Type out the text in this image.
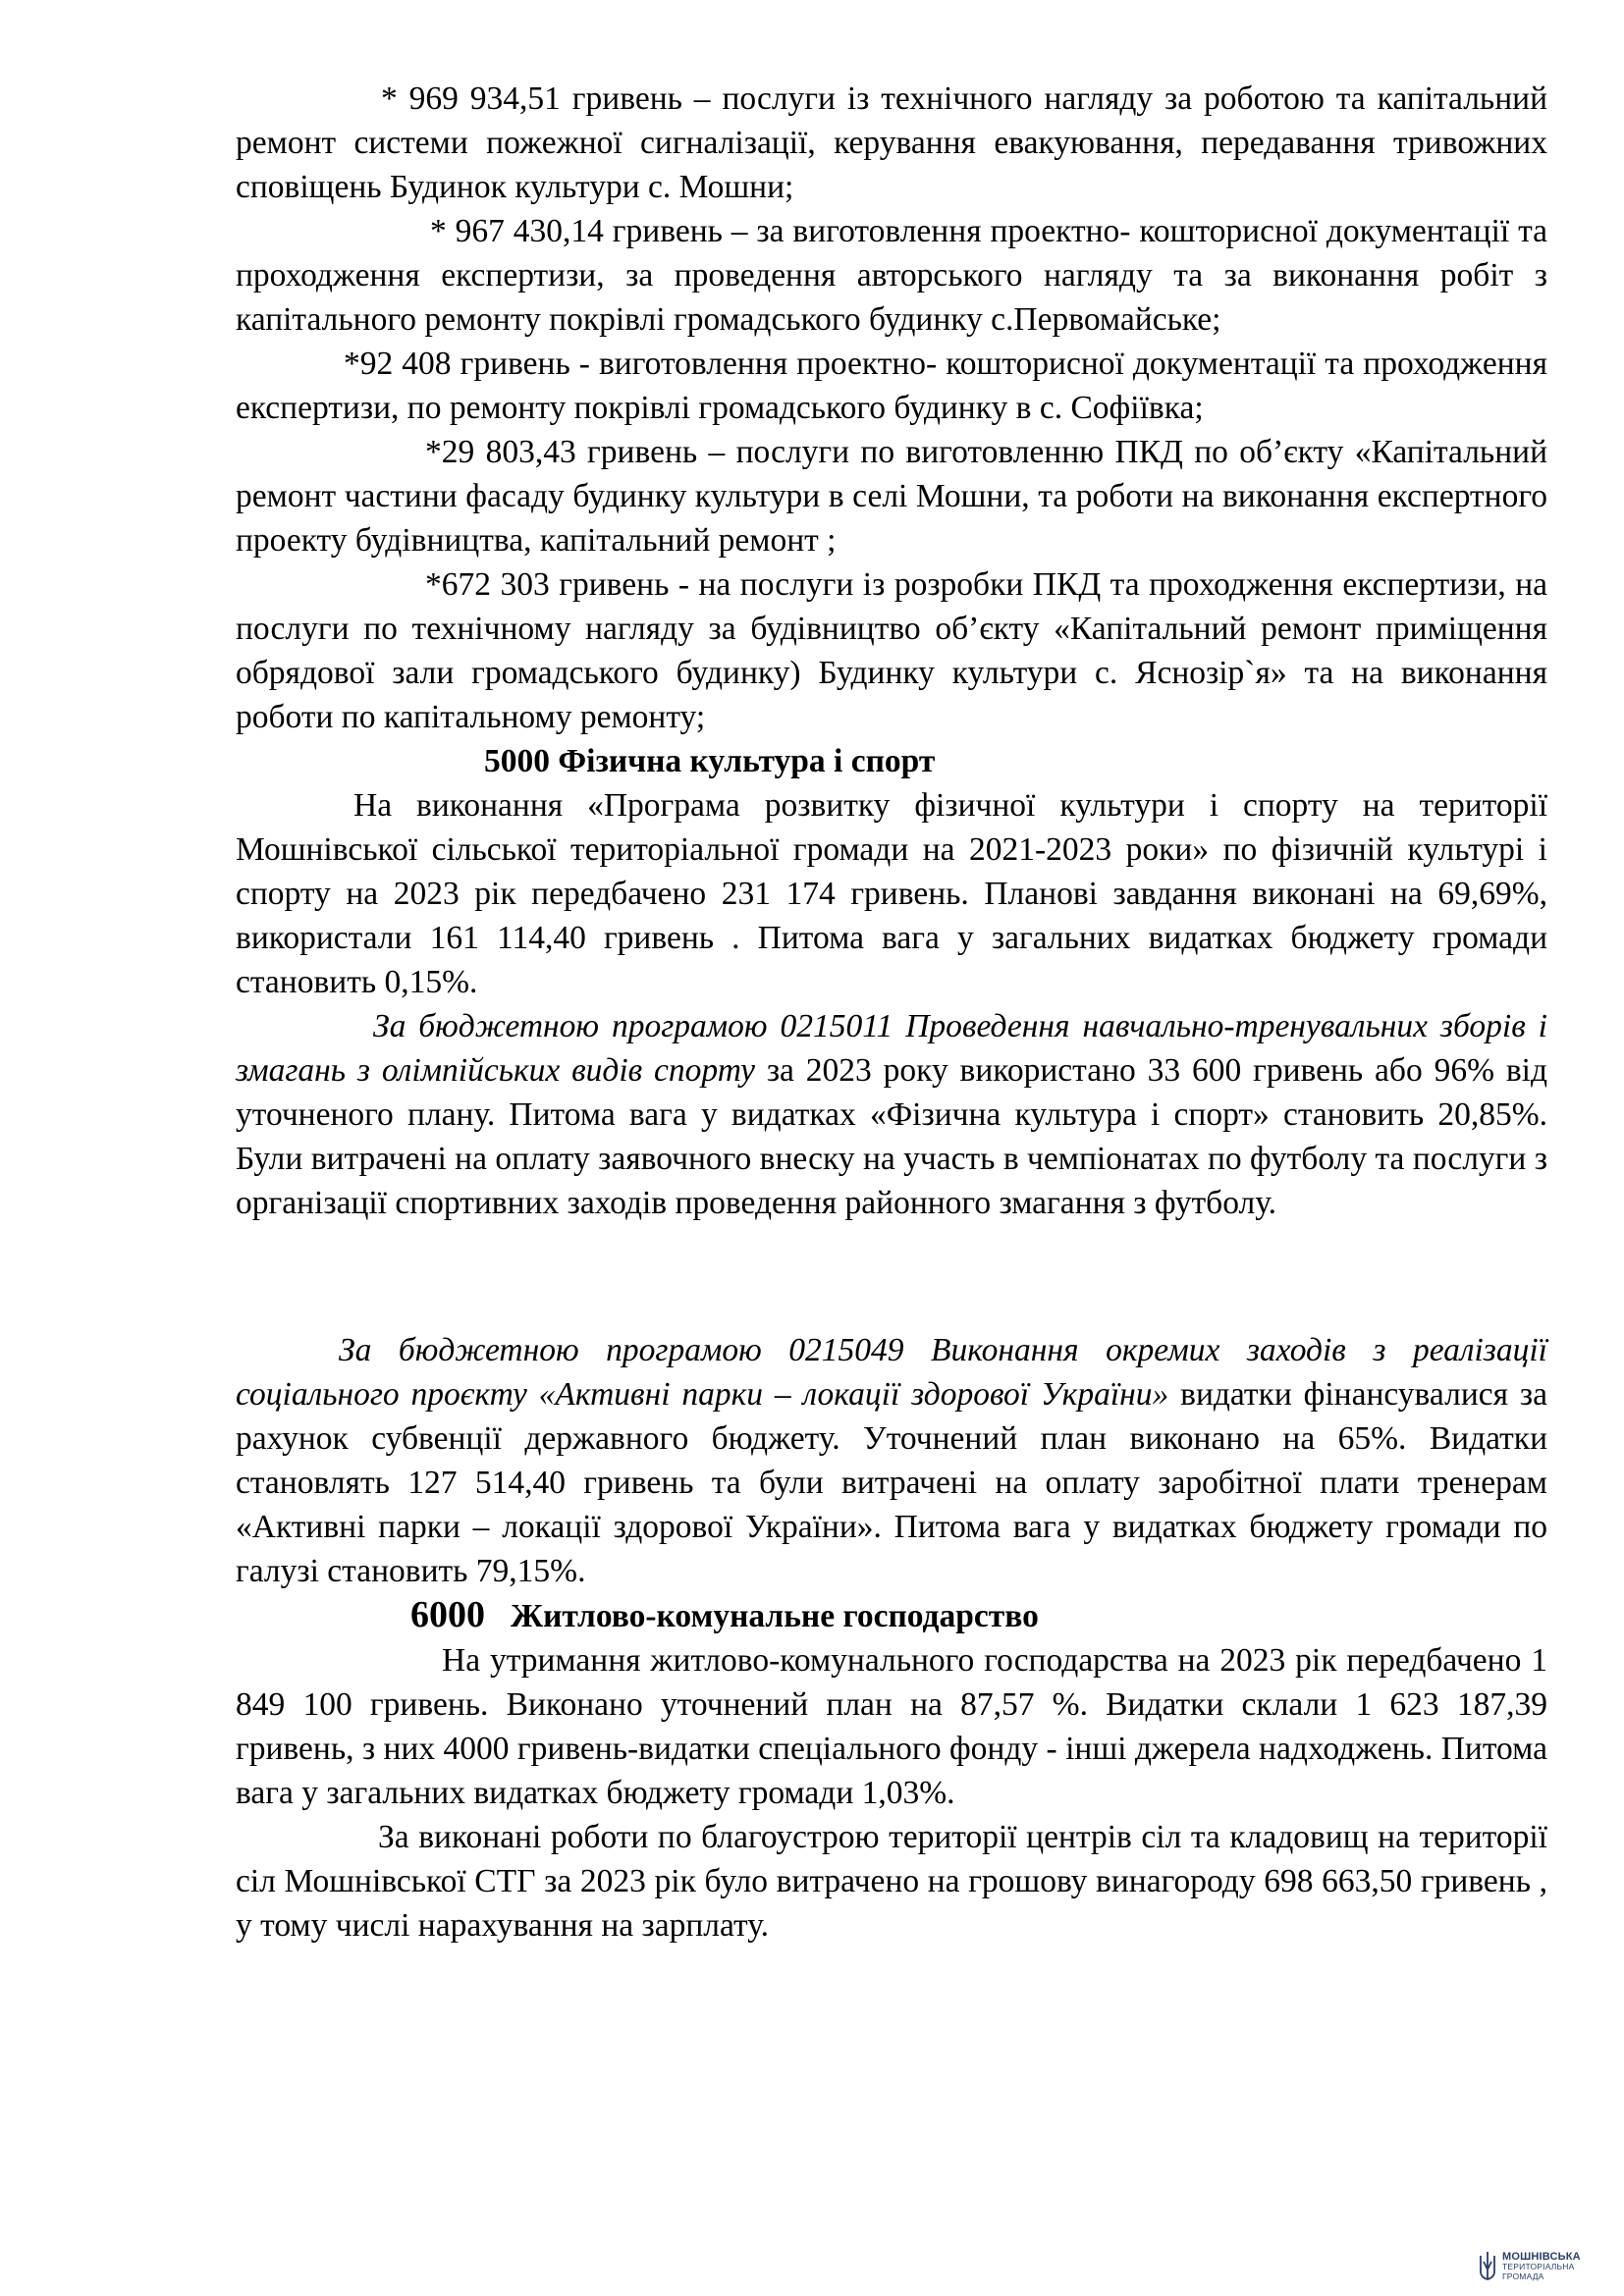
* 969 934,51 гривень – послуги із технічного нагляду за роботою та капітальний ремонт системи пожежної сигналізації, керування евакуювання, передавання тривожних сповіщень Будинок культури с. Мошни;

* 967 430,14 гривень – за виготовлення проектно- кошторисної документації та проходження експертизи, за проведення авторського нагляду та за виконання робіт з капітального ремонту покрівлі громадського будинку с.Первомайське;

*92 408 гривень - виготовлення проектно- кошторисної документації та проходження експертизи, по ремонту покрівлі громадського будинку в с. Софіївка;

*29 803,43 гривень – послуги по виготовленню ПКД по об’єкту «Капітальний ремонт частини фасаду будинку культури в селі Мошни, та роботи на виконання експертного проекту будівництва, капітальний ремонт ;

*672 303 гривень - на послуги із розробки ПКД та проходження експертизи, на послуги по технічному нагляду за будівництво об’єкту «Капітальний ремонт приміщення обрядової зали громадського будинку) Будинку культури с. Яснозір`я» та на виконання роботи по капітальному ремонту;

5000 Фізична культура і спорт

На виконання «Програма розвитку фізичної культури і спорту на території Мошнівської сільської територіальної громади на 2021-2023 роки» по фізичній культурі і спорту на 2023 рік передбачено 231 174 гривень. Планові завдання виконані на 69,69%, використали 161 114,40 гривень . Питома вага у загальних видатках бюджету громади становить 0,15%.

За бюджетною програмою 0215011 Проведення навчально-тренувальних зборів і змагань з олімпійських видів спорту за 2023 року використано 33 600 гривень або 96% від уточненого плану. Питома вага у видатках «Фізична культура і спорт» становить 20,85%. Були витрачені на оплату заявочного внеску на участь в чемпіонатах по футболу та послуги з організації спортивних заходів проведення районного змагання з футболу.

За бюджетною програмою 0215049 Виконання окремих заходів з реалізації соціального проєкту «Активні парки – локації здорової України» видатки фінансувалися за рахунок субвенції державного бюджету. Уточнений план виконано на 65%. Видатки становлять 127 514,40 гривень та були витрачені на оплату заробітної плати тренерам «Активні парки – локації здорової України». Питома вага у видатках бюджету громади по галузі становить 79,15%.

6000 Житлово-комунальне господарство

На утримання житлово-комунального господарства на 2023 рік передбачено 1 849 100 гривень. Виконано уточнений план на 87,57 %. Видатки склали 1 623 187,39 гривень, з них 4000 гривень-видатки спеціального фонду - інші джерела надходжень. Питома вага у загальних видатках бюджету громади 1,03%.

За виконані роботи по благоустрою території центрів сіл та кладовищ на території сіл Мошнівської СТГ за 2023 рік було витрачено на грошову винагороду 698 663,50 гривень , у тому числі нарахування на зарплату.

МОШНІВСЬКА
ТЕРИТОРІАЛЬНА
ГРОМАДА
